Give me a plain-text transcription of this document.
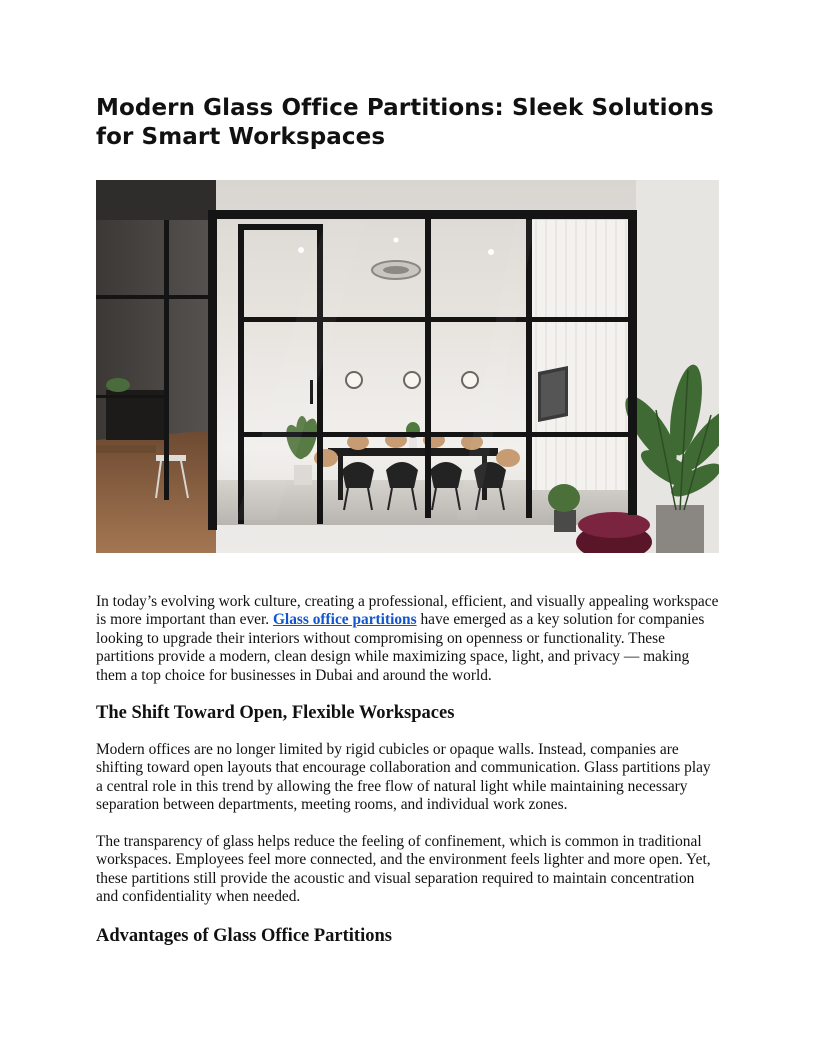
Modern Glass Office Partitions: Sleek Solutions for Smart Workspaces

In today’s evolving work culture, creating a professional, efficient, and visually appealing workspace is more important than ever. Glass office partitions have emerged as a key solution for companies looking to upgrade their interiors without compromising on openness or functionality. These partitions provide a modern, clean design while maximizing space, light, and privacy — making them a top choice for businesses in Dubai and around the world.

The Shift Toward Open, Flexible Workspaces

Modern offices are no longer limited by rigid cubicles or opaque walls. Instead, companies are shifting toward open layouts that encourage collaboration and communication. Glass partitions play a central role in this trend by allowing the free flow of natural light while maintaining necessary separation between departments, meeting rooms, and individual work zones.

The transparency of glass helps reduce the feeling of confinement, which is common in traditional workspaces. Employees feel more connected, and the environment feels lighter and more open. Yet, these partitions still provide the acoustic and visual separation required to maintain concentration and confidentiality when needed.

Advantages of Glass Office Partitions
